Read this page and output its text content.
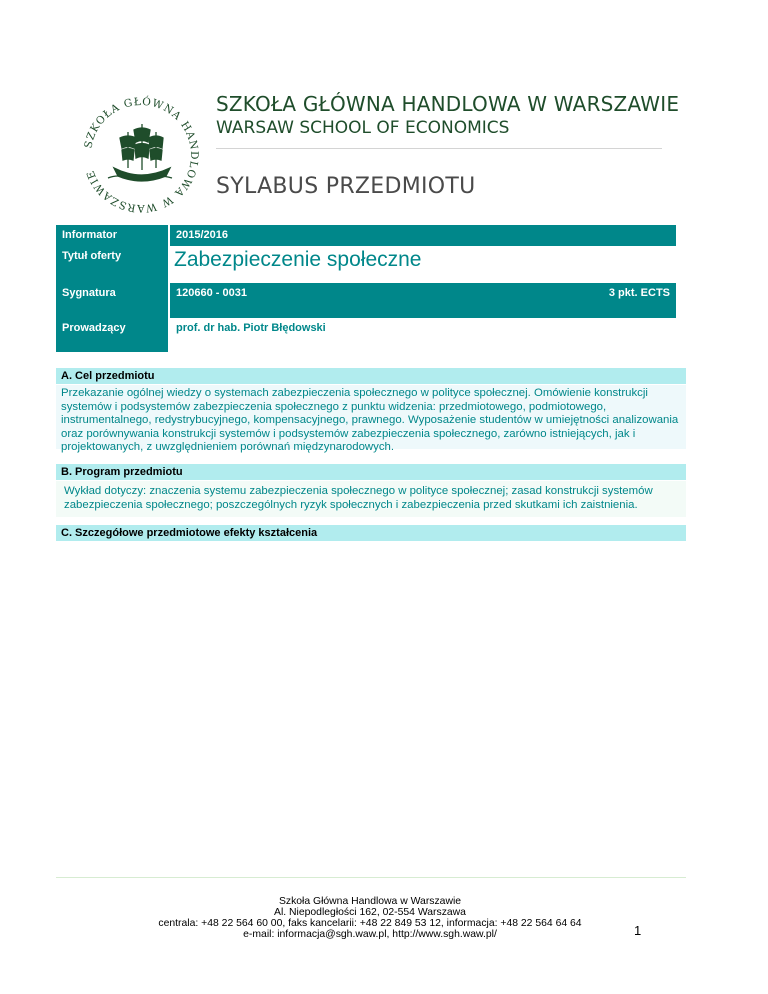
SZKOŁA GŁÓWNA HANDLOWA W WARSZAWIE
SZKOŁA GŁÓWNA HANDLOWA W WARSZAWIE
WARSAW SCHOOL OF ECONOMICS
SYLABUS PRZEDMIOTU
Informator	2015/2016
Tytuł oferty	Zabezpieczenie społeczne
Sygnatura	120660 - 0031	3 pkt. ECTS
Prowadzący	prof. dr hab. Piotr Błędowski
A. Cel przedmiotu
Przekazanie ogólnej wiedzy o systemach zabezpieczenia społecznego w polityce społecznej. Omówienie konstrukcji systemów i podsystemów zabezpieczenia społecznego z punktu widzenia: przedmiotowego, podmiotowego, instrumentalnego, redystrybucyjnego, kompensacyjnego, prawnego. Wyposażenie studentów w umiejętności analizowania oraz porównywania konstrukcji systemów i podsystemów zabezpieczenia społecznego, zarówno istniejących, jak i projektowanych, z uwzględnieniem porównań międzynarodowych.
B. Program przedmiotu
Wykład dotyczy: znaczenia systemu zabezpieczenia społecznego w polityce społecznej; zasad konstrukcji systemów zabezpieczenia społecznego; poszczególnych ryzyk społecznych i zabezpieczenia przed skutkami ich zaistnienia.
C. Szczegółowe przedmiotowe efekty kształcenia
Szkoła Główna Handlowa w Warszawie
Al. Niepodległości 162, 02-554 Warszawa
centrala: +48 22 564 60 00, faks kancelarii: +48 22 849 53 12, informacja: +48 22 564 64 64
e-mail: informacja@sgh.waw.pl, http://www.sgh.waw.pl/	1
